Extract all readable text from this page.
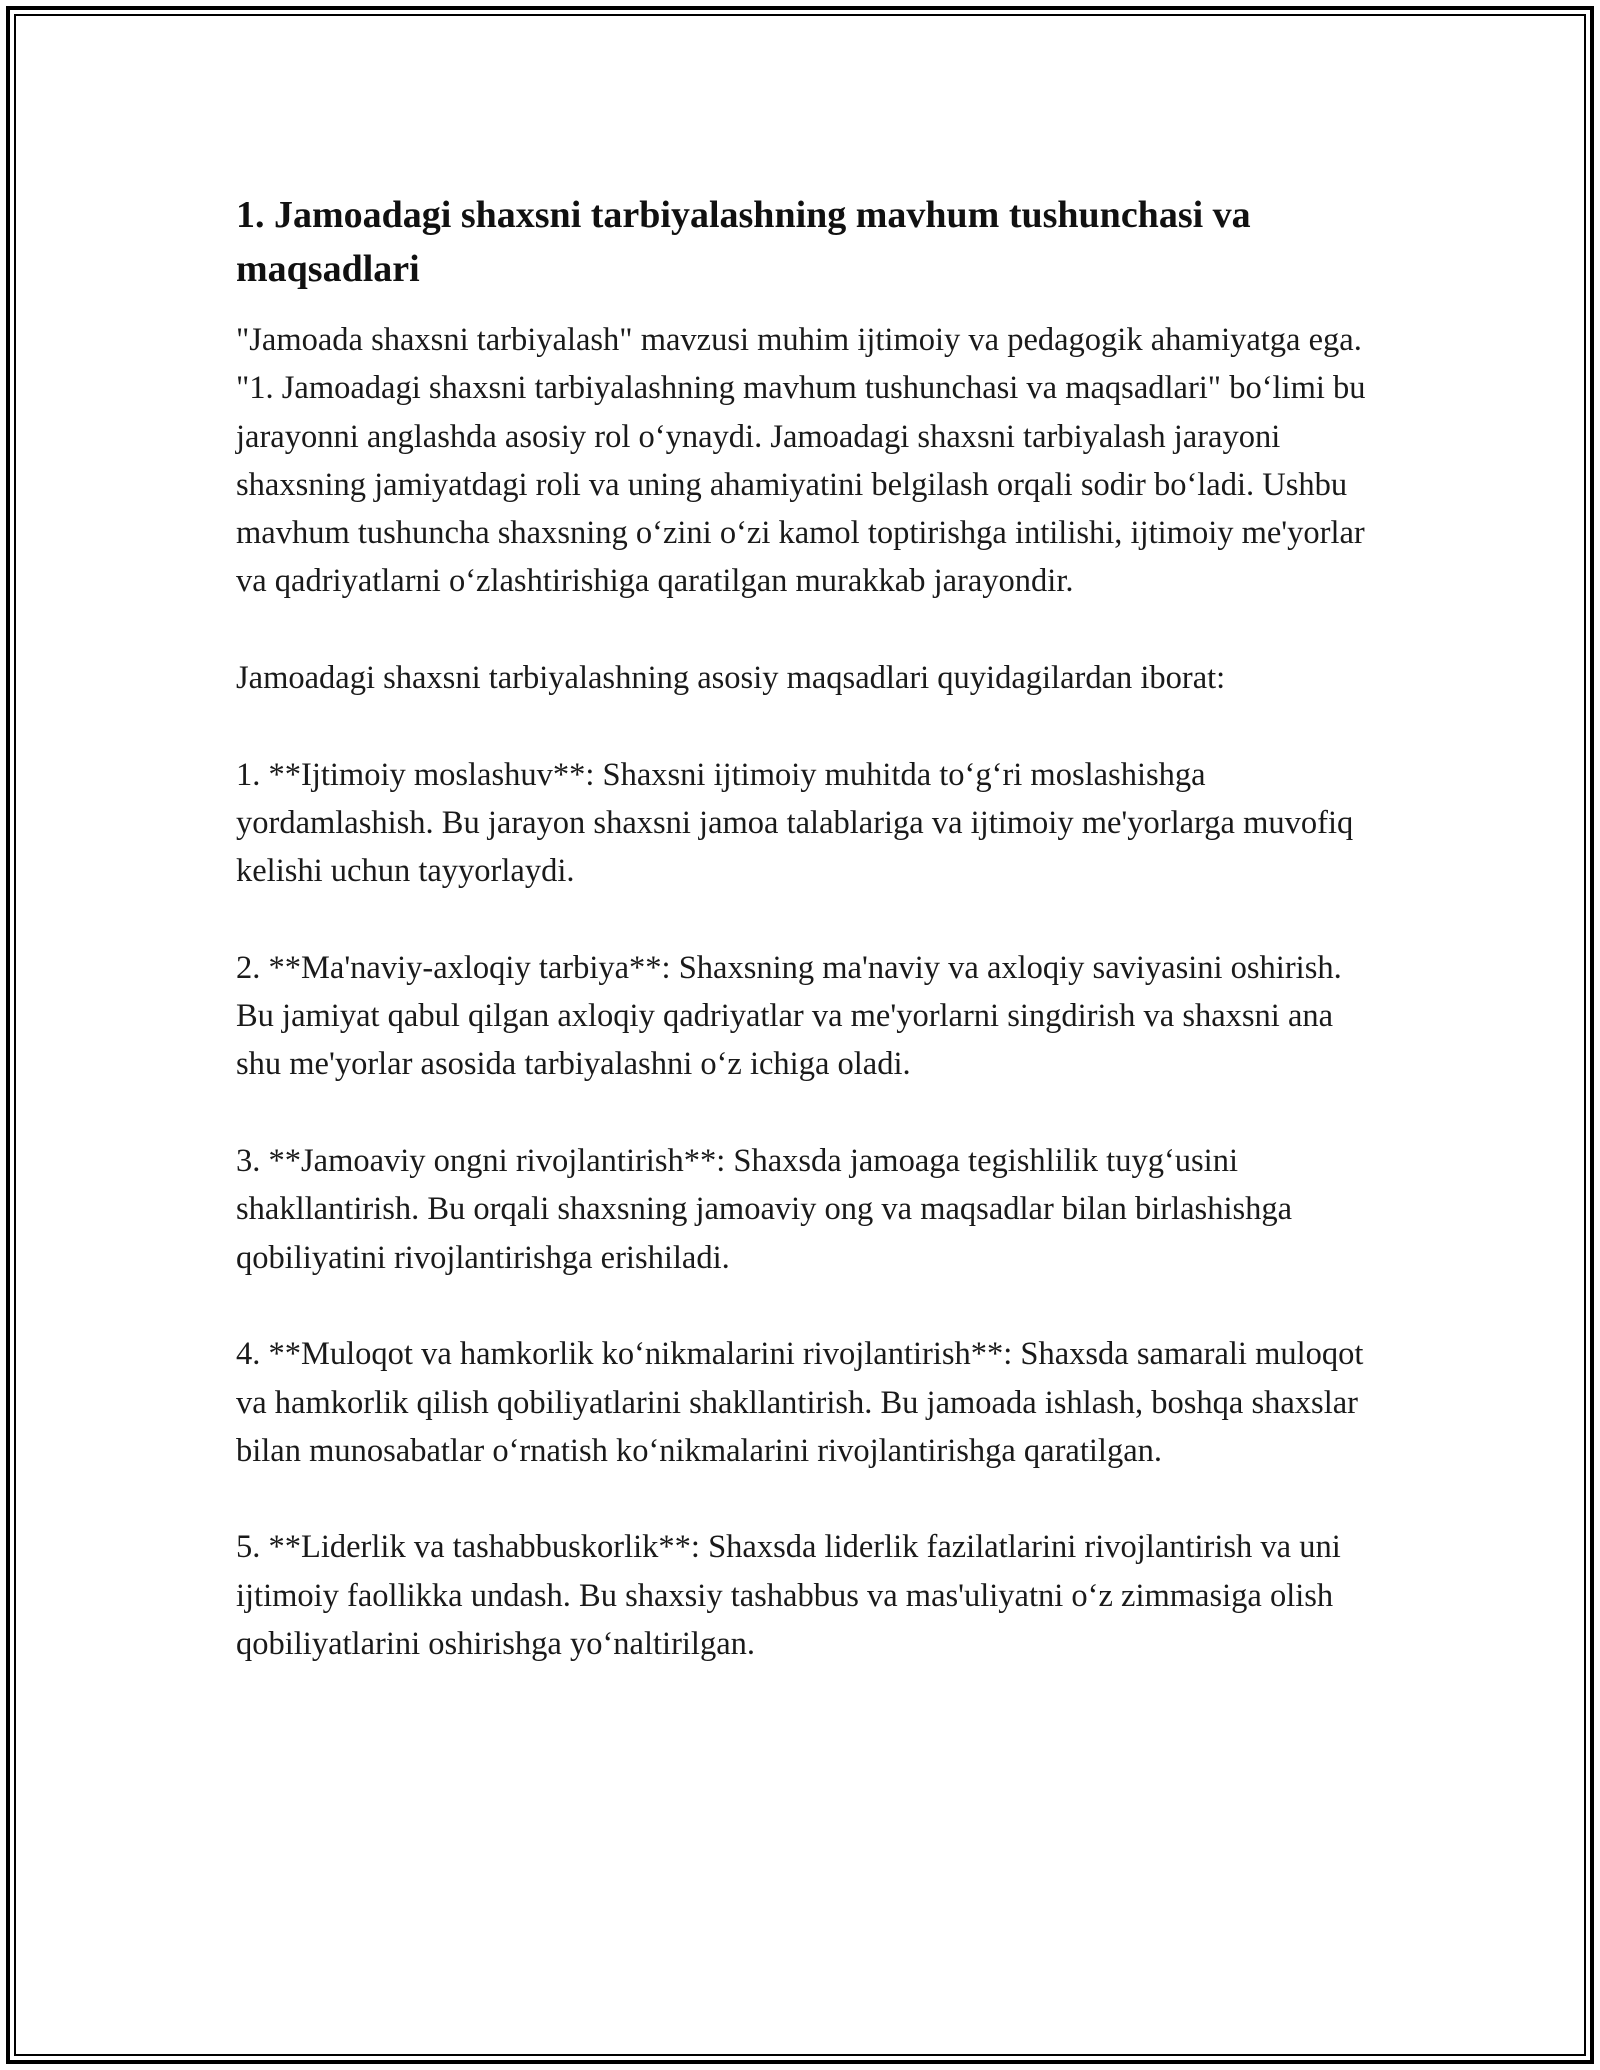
1. Jamoadagi shaxsni tarbiyalashning mavhum tushunchasi va maqsadlari

"Jamoada shaxsni tarbiyalash" mavzusi muhim ijtimoiy va pedagogik ahamiyatga ega. "1. Jamoadagi shaxsni tarbiyalashning mavhum tushunchasi va maqsadlari" boʻlimi bu jarayonni anglashda asosiy rol oʻynaydi. Jamoadagi shaxsni tarbiyalash jarayoni shaxsning jamiyatdagi roli va uning ahamiyatini belgilash orqali sodir boʻladi. Ushbu mavhum tushuncha shaxsning oʻzini oʻzi kamol toptirishga intilishi, ijtimoiy me'yorlar va qadriyatlarni oʻzlashtirishiga qaratilgan murakkab jarayondir.

Jamoadagi shaxsni tarbiyalashning asosiy maqsadlari quyidagilardan iborat:

1. **Ijtimoiy moslashuv**: Shaxsni ijtimoiy muhitda toʻgʻri moslashishga yordamlashish. Bu jarayon shaxsni jamoa talablariga va ijtimoiy me'yorlarga muvofiq kelishi uchun tayyorlaydi.

2. **Ma'naviy-axloqiy tarbiya**: Shaxsning ma'naviy va axloqiy saviyasini oshirish. Bu jamiyat qabul qilgan axloqiy qadriyatlar va me'yorlarni singdirish va shaxsni ana shu me'yorlar asosida tarbiyalashni oʻz ichiga oladi.

3. **Jamoaviy ongni rivojlantirish**: Shaxsda jamoaga tegishlilik tuygʻusini shakllantirish. Bu orqali shaxsning jamoaviy ong va maqsadlar bilan birlashishga qobiliyatini rivojlantirishga erishiladi.

4. **Muloqot va hamkorlik koʻnikmalarini rivojlantirish**: Shaxsda samarali muloqot va hamkorlik qilish qobiliyatlarini shakllantirish. Bu jamoada ishlash, boshqa shaxslar bilan munosabatlar oʻrnatish koʻnikmalarini rivojlantirishga qaratilgan.

5. **Liderlik va tashabbuskorlik**: Shaxsda liderlik fazilatlarini rivojlantirish va uni ijtimoiy faollikka undash. Bu shaxsiy tashabbus va mas'uliyatni oʻz zimmasiga olish qobiliyatlarini oshirishga yoʻnaltirilgan.
